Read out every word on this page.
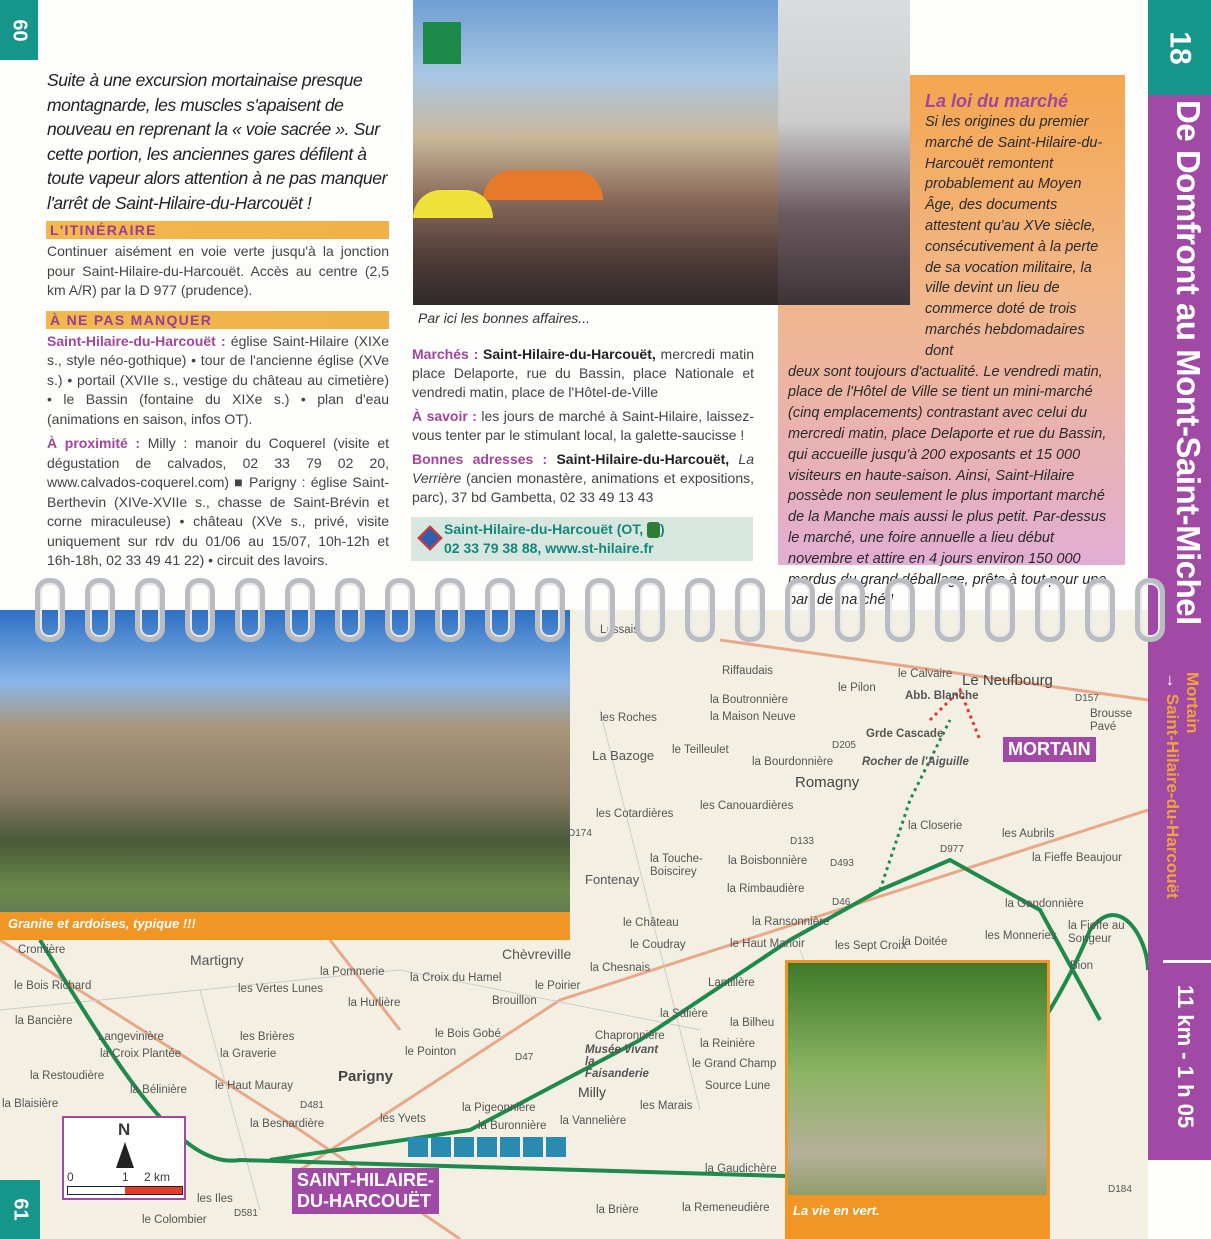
60

Suite à une excursion mortainaise presque montagnarde, les muscles s'apaisent de nouveau en reprenant la « voie sacrée ». Sur cette portion, les anciennes gares défilent à toute vapeur alors attention à ne pas manquer l'arrêt de Saint-Hilaire-du-Harcouët !

L'ITINÉRAIRE

Continuer aisément en voie verte jusqu'à la jonction pour Saint-Hilaire-du-Harcouët. Accès au centre (2,5 km A/R) par la D 977 (prudence).

À NE PAS MANQUER

Saint-Hilaire-du-Harcouët : église Saint-Hilaire (XIXe s., style néo-gothique) • tour de l'ancienne église (XVe s.) • portail (XVIIe s., vestige du château au cimetière) • le Bassin (fontaine du XIXe s.) • plan d'eau (animations en saison, infos OT).

À proximité : Milly : manoir du Coquerel (visite et dégustation de calvados, 02 33 79 02 20, www.calvados-coquerel.com) ■ Parigny : église Saint-Berthevin (XIVe-XVIIe s., chasse de Saint-Brévin et corne miraculeuse) • château (XVe s., privé, visite uniquement sur rdv du 01/06 au 15/07, 10h-12h et 16h-18h, 02 33 49 41 22) • circuit des lavoirs.

Par ici les bonnes affaires...

Marchés : Saint-Hilaire-du-Harcouët, mercredi matin place Delaporte, rue du Bassin, place Nationale et vendredi matin, place de l'Hôtel-de-Ville

À savoir : les jours de marché à Saint-Hilaire, laissez-vous tenter par le stimulant local, la galette-saucisse !

Bonnes adresses : Saint-Hilaire-du-Harcouët, La Verrière (ancien monastère, animations et expositions, parc), 37 bd Gambetta, 02 33 49 13 43

Saint-Hilaire-du-Harcouët (OT, )
02 33 79 38 88, www.st-hilaire.fr
La loi du marché

Si les origines du premier marché de Saint-Hilaire-du-Harcouët remontent probablement au Moyen Âge, des documents attestent qu'au XVe siècle, consécutivement à la perte de sa vocation militaire, la ville devint un lieu de commerce doté de trois marchés hebdomadaires dont

deux sont toujours d'actualité. Le vendredi matin, place de l'Hôtel de Ville se tient un mini-marché (cinq emplacements) contrastant avec celui du mercredi matin, place Delaporte et rue du Bassin, qui accueille jusqu'à 200 exposants et 15 000 visiteurs en haute-saison. Ainsi, Saint-Hilaire possède non seulement le plus important marché de la Manche mais aussi le plus petit. Par-dessus le marché, une foire annuelle a lieu début novembre et attire en 4 jours environ 150 000 mordus du grand déballage, prêts à tout pour une part de marché !

18
De Domfront au Mont-Saint-Michel
Mortain
→ Saint-Hilaire-du-Harcouët
11 km - 1 h 05
Granite et ardoises, typique !!!
La vie en vert.
MORTAIN
SAINT-HILAIRE-
DU-HARCOUËT
Le Neufbourg
Romagny
Parigny
Milly
Chèvreville
Martigny
Fontenay
La Bazoge
Riffaudais
le Pilon
la Boutronnière
la Maison Neuve
les Roches
le Teilleulet
les Canouardières
les Cotardières
la Touche-Boiscirey
la Boisbonnière
la Rimbaudière
le Château
le Coudray
la Chesnais
les Sept Croix
la Doitée	les Monneries
la Fieffe au Songeur
Bion
la Gandonnière
la Closerie
les Aubrils
la Fieffe Beaujour
Lassais
Brousse Pavé
la Pommerie
les Vertes Lunes
la Hurlière
la Croix du Hamel
le Bois Gobé
Brouillon
la Salière
Chapronnière
Musée Vivant la Faisanderie
la Bilheu
la Reinière
le Grand Champ
Source Lune
les Marais
la Pigeonnière
la Buronnière la Vannelière
les Yvets
les Brières
la Graverie	le Pointon
la Besnardière
le Haut Mauray
la Bélinière
la Restoudière
la Croix Plantée
Langevinière
la Bancière
le Bois Richard
Cromière
la Blaisière
les Iles
le Colombier
la Brière
la Gaudichère
la Remeneudière
le Poirier
le Calvaire
Abb. Blanche
Grde Cascade
Rocher de l'Aiguille
la Bourdonnière
Lantillère
le Haut Manoir
la Ransonnière
D977
D157
D205
D174
D133
D493
D581
D47
D481
D184
D46
N
0	1 2 km
61
